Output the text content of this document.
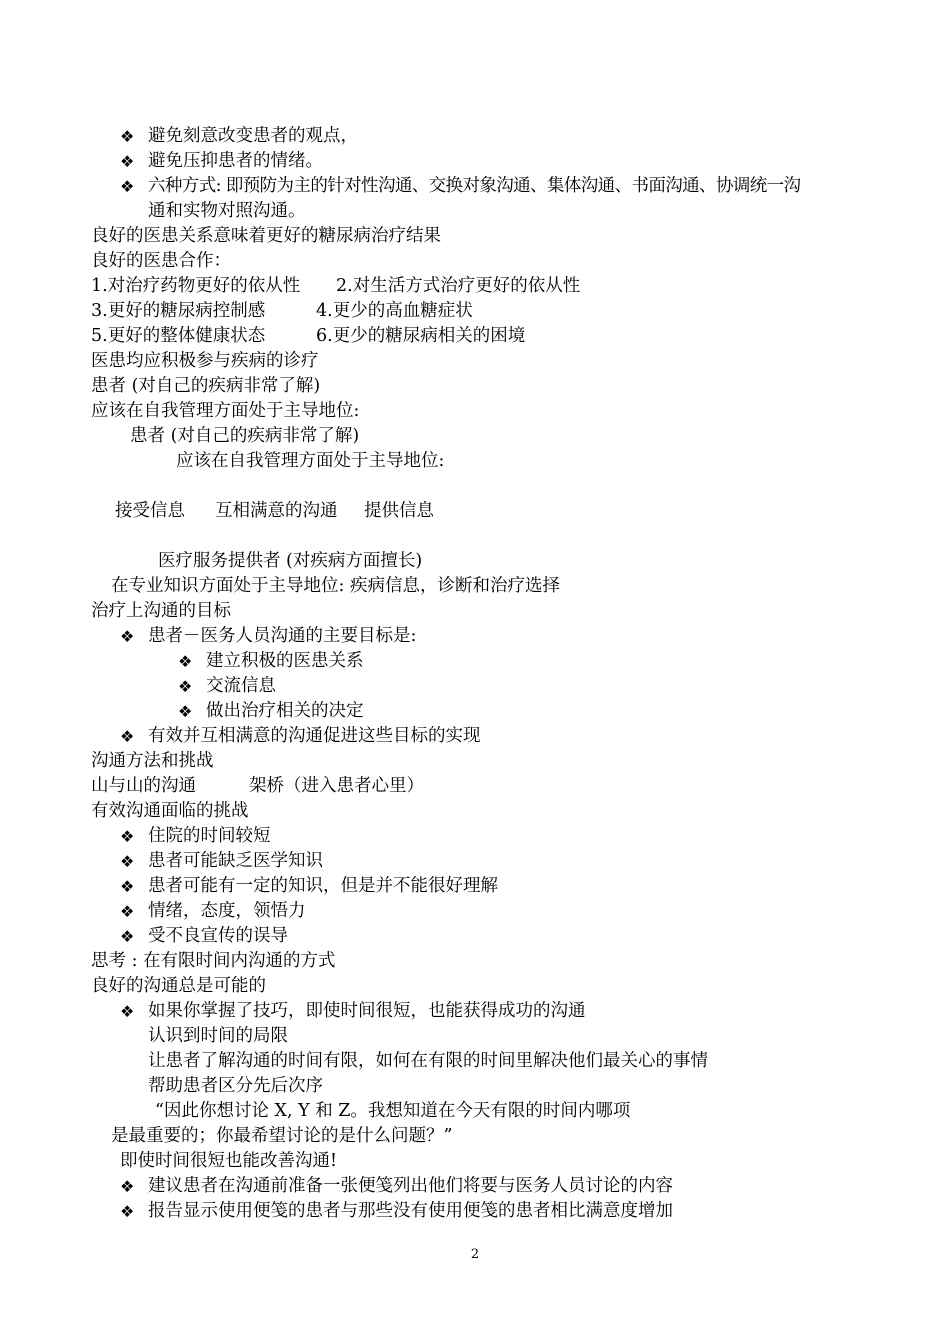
❖ 避免刻意改变患者的观点，
❖ 避免压抑患者的情绪。
❖ 六种方式: 即预防为主的针对性沟通、交换对象沟通、集体沟通、书面沟通、协调统一沟
通和实物对照沟通。
良好的医患关系意味着更好的糖尿病治疗结果
良好的医患合作：
1.对治疗药物更好的依从性 2.对生活方式治疗更好的依从性
3.更好的糖尿病控制感	4.更少的高血糖症状
5.更好的整体健康状态	6.更少的糖尿病相关的困境
医患均应积极参与疾病的诊疗
患者 (对自己的疾病非常了解)
应该在自我管理方面处于主导地位:
患者 (对自己的疾病非常了解)
应该在自我管理方面处于主导地位:
接受信息 互相满意的沟通 提供信息
医疗服务提供者 (对疾病方面擅长)
在专业知识方面处于主导地位: 疾病信息，诊断和治疗选择
治疗上沟通的目标
❖ 患者－医务人员沟通的主要目标是:
❖ 建立积极的医患关系
❖ 交流信息
❖ 做出治疗相关的决定
❖ 有效并互相满意的沟通促进这些目标的实现
沟通方法和挑战
山与山的沟通	架桥（进入患者心里）
有效沟通面临的挑战
❖ 住院的时间较短
❖ 患者可能缺乏医学知识
❖ 患者可能有一定的知识，但是并不能很好理解
❖ 情绪，态度，领悟力
❖ 受不良宣传的误导
思考 : 在有限时间内沟通的方式
良好的沟通总是可能的
❖ 如果你掌握了技巧，即使时间很短，也能获得成功的沟通
认识到时间的局限
让患者了解沟通的时间有限，如何在有限的时间里解决他们最关心的事情
帮助患者区分先后次序
“因此你想讨论 X, Y 和 Z。我想知道在今天有限的时间内哪项
是最重要的；你最希望讨论的是什么问题？”
即使时间很短也能改善沟通!
❖ 建议患者在沟通前准备一张便笺列出他们将要与医务人员讨论的内容
❖ 报告显示使用便笺的患者与那些没有使用便笺的患者相比满意度增加
2
